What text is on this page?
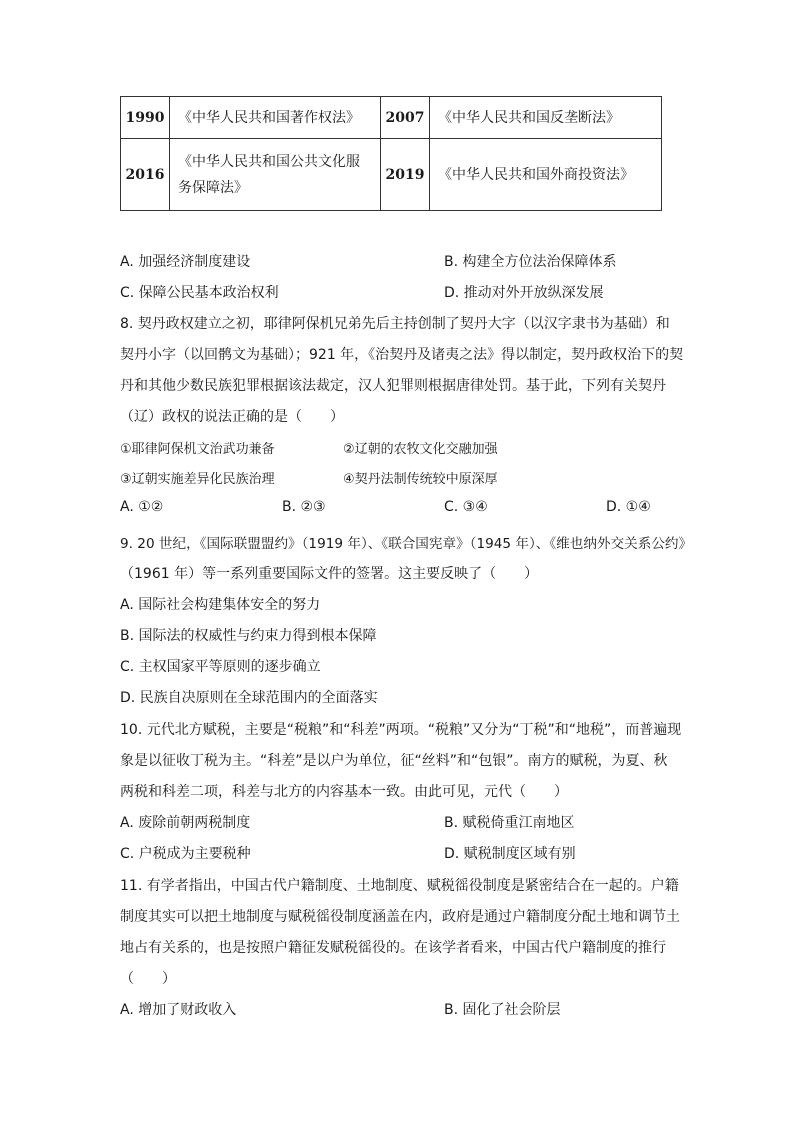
1990	《中华人民共和国著作权法》	2007	《中华人民共和国反垄断法》
2016	《中华人民共和国公共文化服务保障法》	2019	《中华人民共和国外商投资法》
A. 加强经济制度建设	B. 构建全方位法治保障体系
C. 保障公民基本政治权利	D. 推动对外开放纵深发展
8. 契丹政权建立之初，耶律阿保机兄弟先后主持创制了契丹大字（以汉字隶书为基础）和
契丹小字（以回鹘文为基础）；921 年，《治契丹及诸夷之法》得以制定，契丹政权治下的契
丹和其他少数民族犯罪根据该法裁定，汉人犯罪则根据唐律处罚。基于此，下列有关契丹
（辽）政权的说法正确的是（　　）
①耶律阿保机文治武功兼备	②辽朝的农牧文化交融加强
③辽朝实施差异化民族治理	④契丹法制传统较中原深厚
A. ①②	B. ②③	C. ③④	D. ①④
9. 20 世纪，《国际联盟盟约》（1919 年）、《联合国宪章》（1945 年）、《维也纳外交关系公约》
（1961 年）等一系列重要国际文件的签署。这主要反映了（　　）
A. 国际社会构建集体安全的努力
B. 国际法的权威性与约束力得到根本保障
C. 主权国家平等原则的逐步确立
D. 民族自决原则在全球范围内的全面落实
10. 元代北方赋税，主要是“税粮”和“科差”两项。“税粮”又分为“丁税”和“地税”，而普遍现
象是以征收丁税为主。“科差”是以户为单位，征“丝料”和“包银”。南方的赋税，为夏、秋
两税和科差二项，科差与北方的内容基本一致。由此可见，元代（　　）
A. 废除前朝两税制度	B. 赋税倚重江南地区
C. 户税成为主要税种	D. 赋税制度区域有别
11. 有学者指出，中国古代户籍制度、土地制度、赋税徭役制度是紧密结合在一起的。户籍
制度其实可以把土地制度与赋税徭役制度涵盖在内，政府是通过户籍制度分配土地和调节土
地占有关系的，也是按照户籍征发赋税徭役的。在该学者看来，中国古代户籍制度的推行
（　　）
A. 增加了财政收入	B. 固化了社会阶层
